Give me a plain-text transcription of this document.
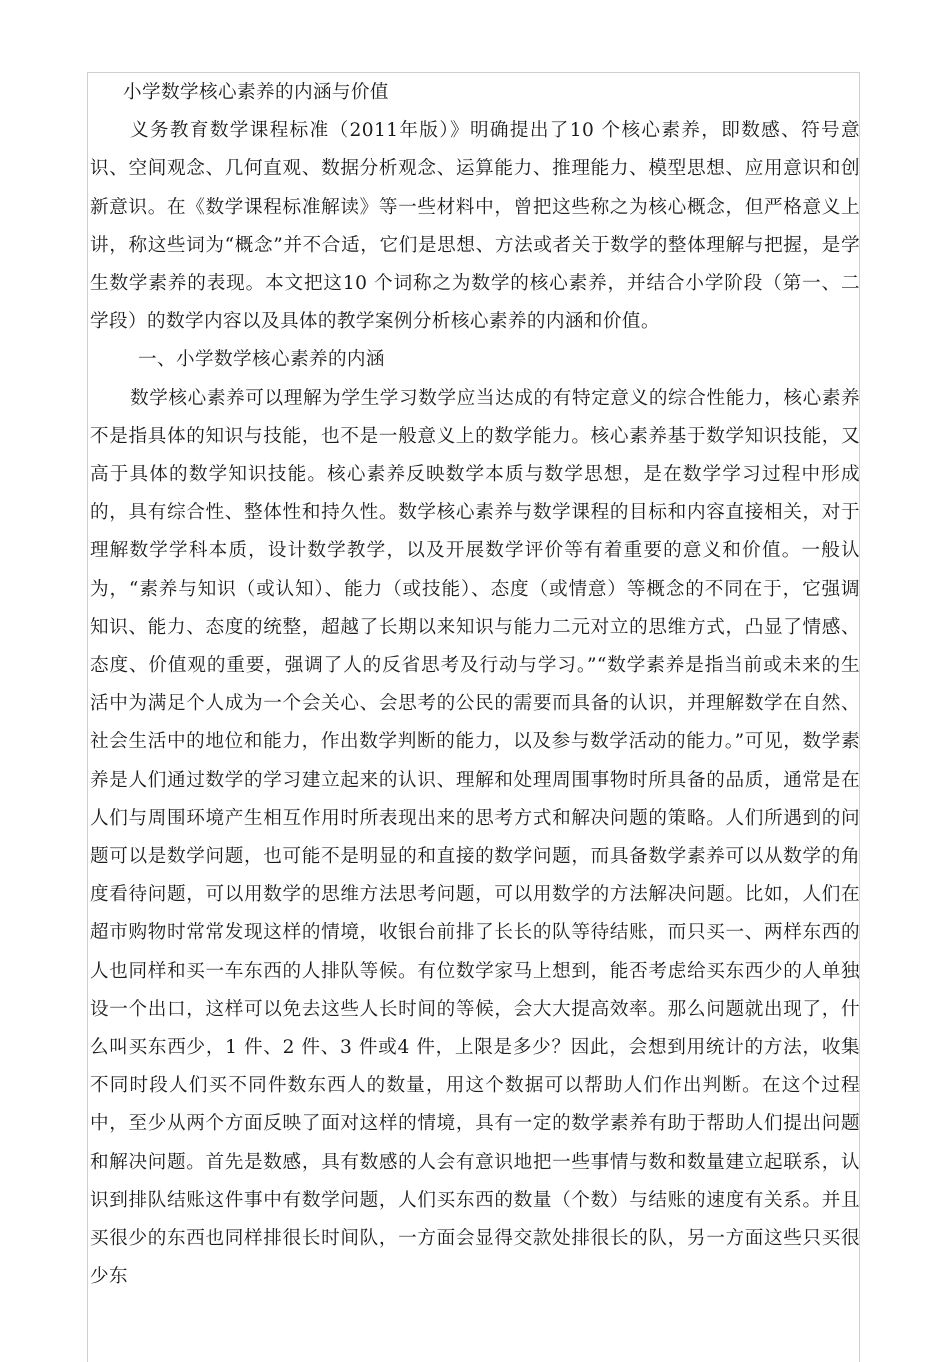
小学数学核心素养的内涵与价值

义务教育数学课程标准（2011年版）》明确提出了10 个核心素养，即数感、符号意识、空间观念、几何直观、数据分析观念、运算能力、推理能力、模型思想、应用意识和创新意识。在《数学课程标准解读》等一些材料中，曾把这些称之为核心概念，但严格意义上讲，称这些词为“概念”并不合适，它们是思想、方法或者关于数学的整体理解与把握，是学生数学素养的表现。本文把这10 个词称之为数学的核心素养，并结合小学阶段（第一、二学段）的数学内容以及具体的教学案例分析核心素养的内涵和价值。

一、小学数学核心素养的内涵

数学核心素养可以理解为学生学习数学应当达成的有特定意义的综合性能力，核心素养不是指具体的知识与技能，也不是一般意义上的数学能力。核心素养基于数学知识技能，又高于具体的数学知识技能。核心素养反映数学本质与数学思想，是在数学学习过程中形成的，具有综合性、整体性和持久性。数学核心素养与数学课程的目标和内容直接相关，对于理解数学学科本质，设计数学教学，以及开展数学评价等有着重要的意义和价值。一般认为，“素养与知识（或认知）、能力（或技能）、态度（或情意）等概念的不同在于，它强调知识、能力、态度的统整，超越了长期以来知识与能力二元对立的思维方式，凸显了情感、态度、价值观的重要，强调了人的反省思考及行动与学习。”“数学素养是指当前或未来的生活中为满足个人成为一个会关心、会思考的公民的需要而具备的认识，并理解数学在自然、社会生活中的地位和能力，作出数学判断的能力，以及参与数学活动的能力。”可见，数学素养是人们通过数学的学习建立起来的认识、理解和处理周围事物时所具备的品质，通常是在人们与周围环境产生相互作用时所表现出来的思考方式和解决问题的策略。人们所遇到的问题可以是数学问题，也可能不是明显的和直接的数学问题，而具备数学素养可以从数学的角度看待问题，可以用数学的思维方法思考问题，可以用数学的方法解决问题。比如，人们在超市购物时常常发现这样的情境，收银台前排了长长的队等待结账，而只买一、两样东西的人也同样和买一车东西的人排队等候。有位数学家马上想到，能否考虑给买东西少的人单独设一个出口，这样可以免去这些人长时间的等候，会大大提高效率。那么问题就出现了，什么叫买东西少，1 件、2 件、3 件或4 件，上限是多少？因此，会想到用统计的方法，收集不同时段人们买不同件数东西人的数量，用这个数据可以帮助人们作出判断。在这个过程中，至少从两个方面反映了面对这样的情境，具有一定的数学素养有助于帮助人们提出问题和解决问题。首先是数感，具有数感的人会有意识地把一些事情与数和数量建立起联系，认识到排队结账这件事中有数学问题，人们买东西的数量（个数）与结账的速度有关系。并且买很少的东西也同样排很长时间队，一方面会显得交款处排很长的队，另一方面这些只买很少东
